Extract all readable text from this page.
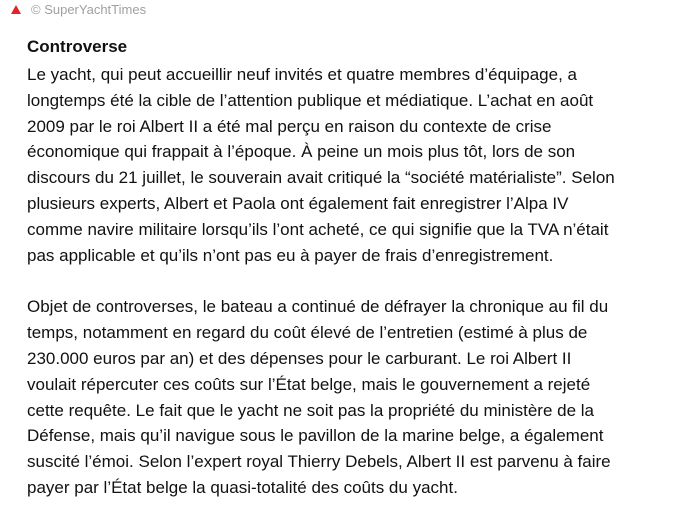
© SuperYachtTimes
Controverse

Le yacht, qui peut accueillir neuf invités et quatre membres d’équipage, a
longtemps été la cible de l’attention publique et médiatique. L’achat en août
2009 par le roi Albert II a été mal perçu en raison du contexte de crise
économique qui frappait à l’époque. À peine un mois plus tôt, lors de son
discours du 21 juillet, le souverain avait critiqué la “société matérialiste”. Selon
plusieurs experts, Albert et Paola ont également fait enregistrer l’Alpa IV
comme navire militaire lorsqu’ils l’ont acheté, ce qui signifie que la TVA n’était
pas applicable et qu’ils n’ont pas eu à payer de frais d’enregistrement.

Objet de controverses, le bateau a continué de défrayer la chronique au fil du
temps, notamment en regard du coût élevé de l’entretien (estimé à plus de
230.000 euros par an) et des dépenses pour le carburant. Le roi Albert II
voulait répercuter ces coûts sur l’État belge, mais le gouvernement a rejeté
cette requête. Le fait que le yacht ne soit pas la propriété du ministère de la
Défense, mais qu’il navigue sous le pavillon de la marine belge, a également
suscité l’émoi. Selon l’expert royal Thierry Debels, Albert II est parvenu à faire
payer par l’État belge la quasi-totalité des coûts du yacht.
